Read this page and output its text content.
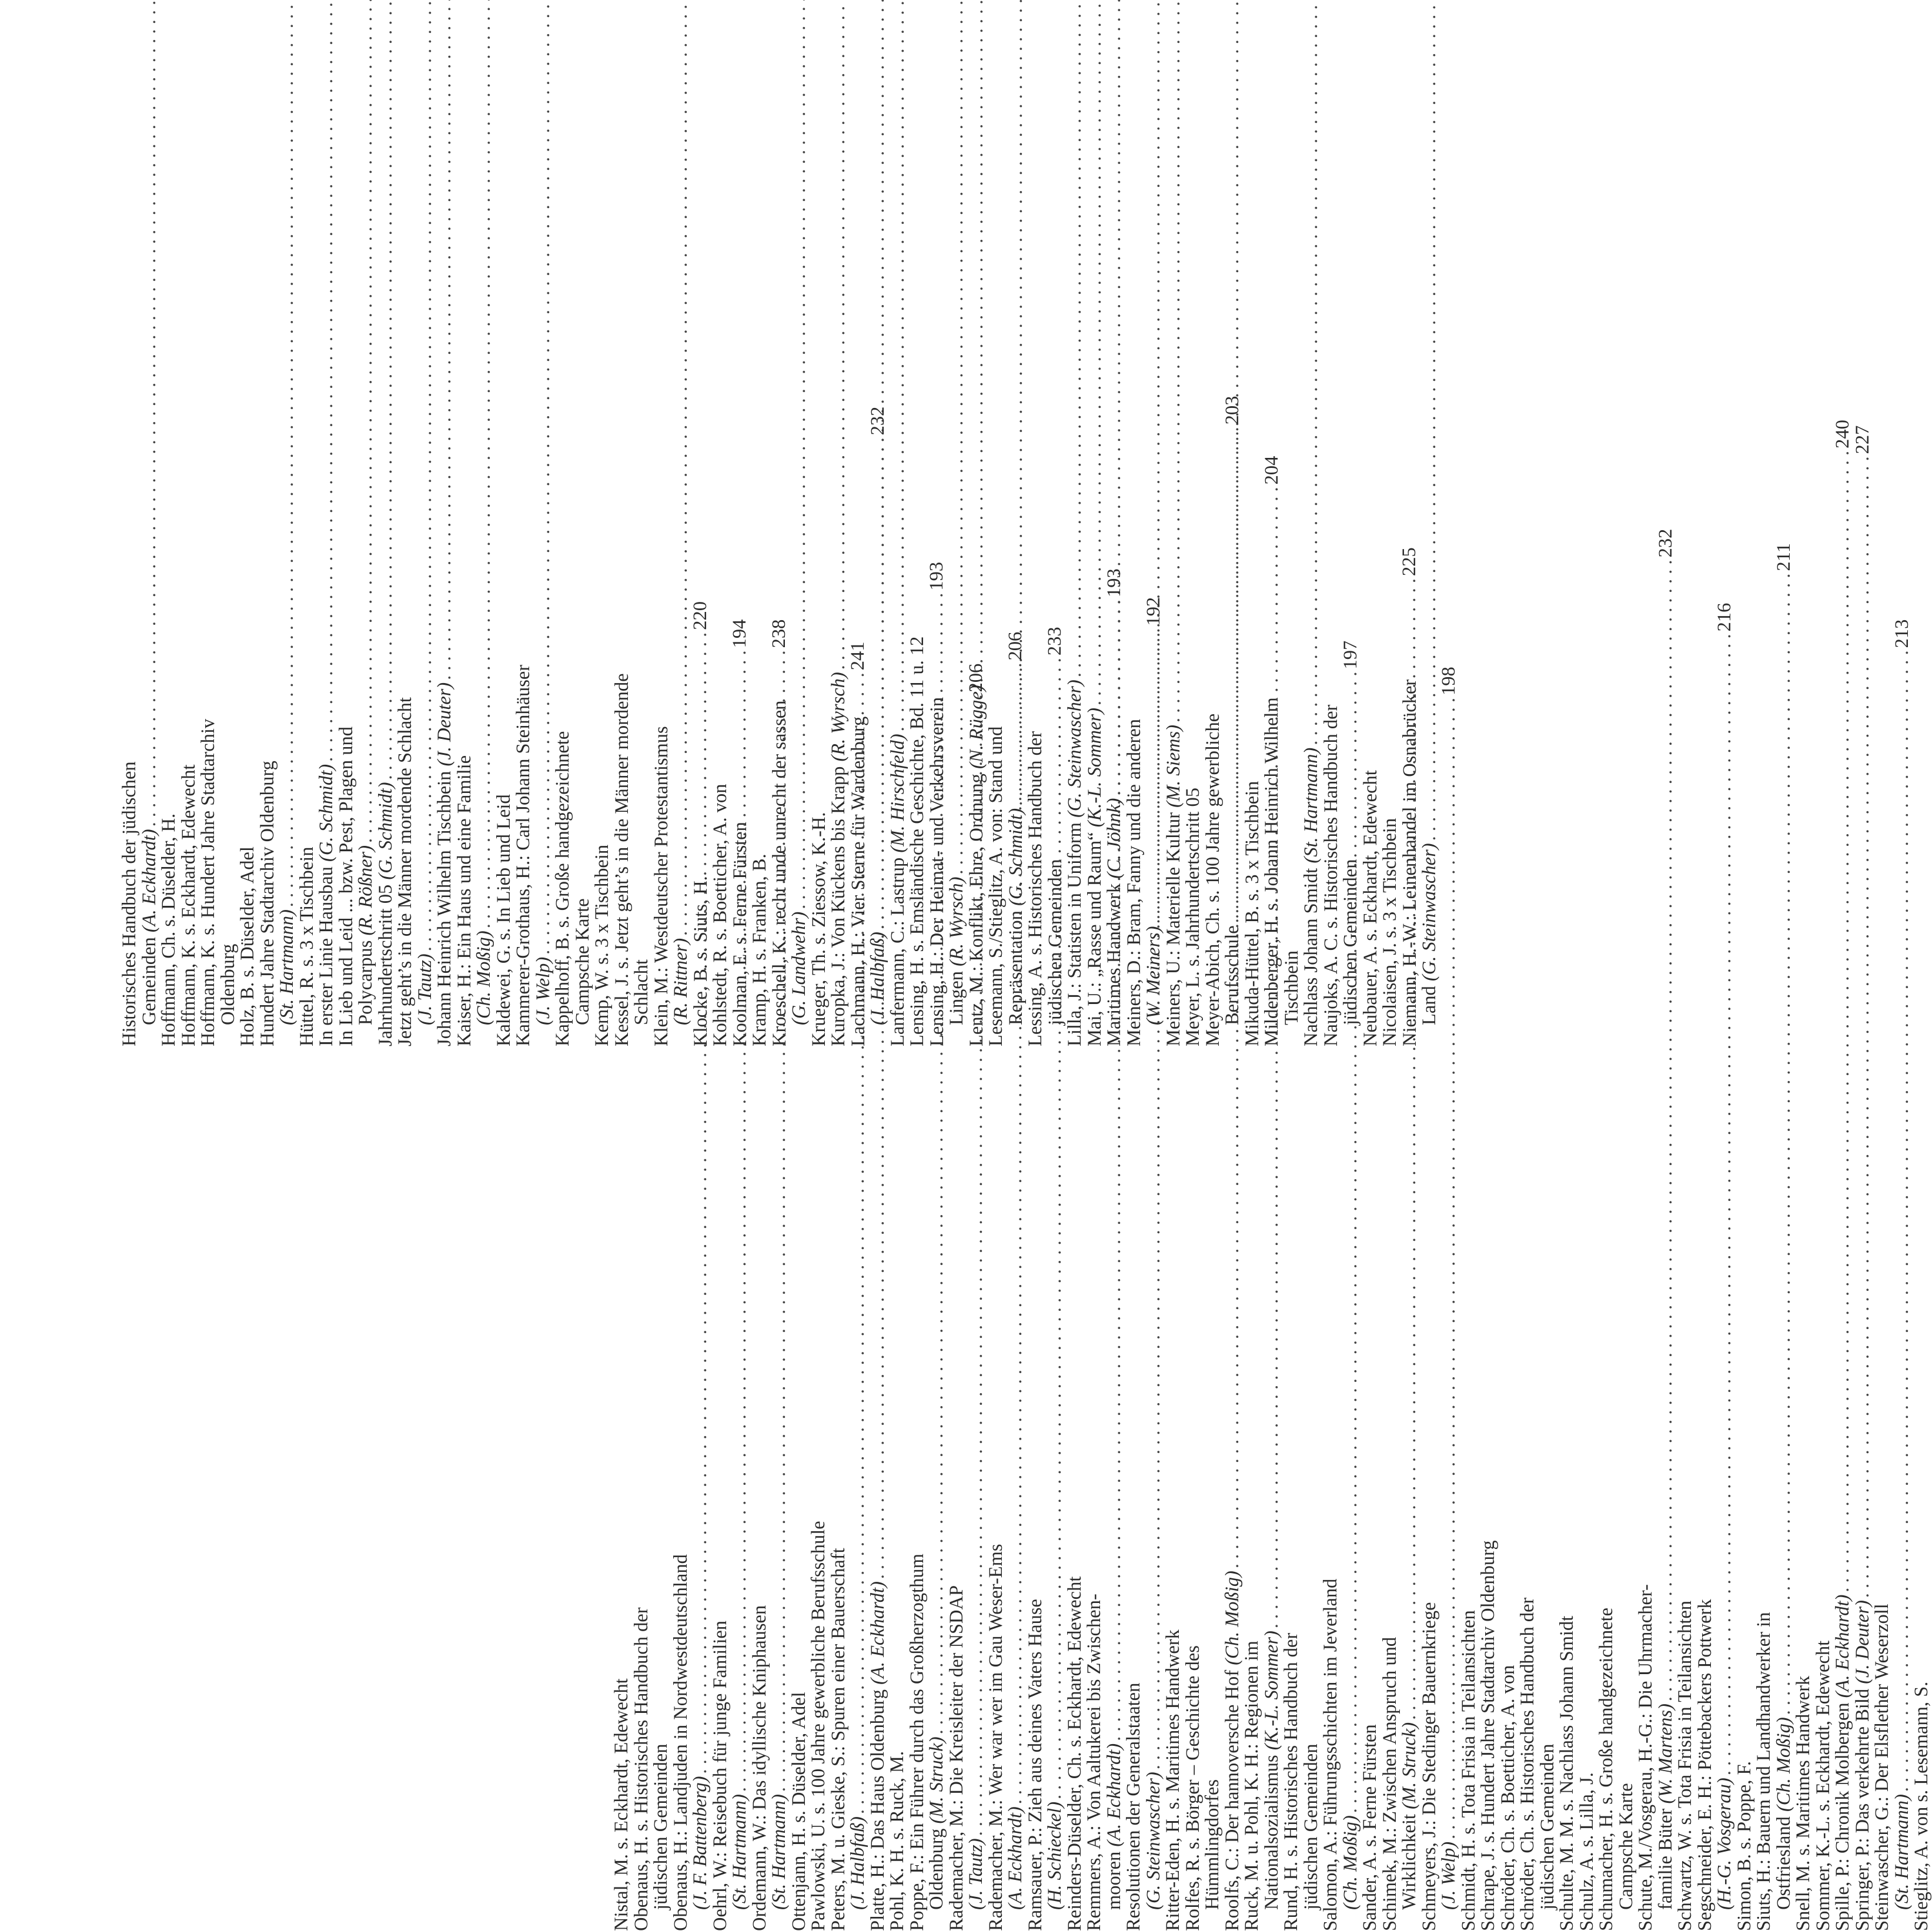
Historisches Handbuch der jüdischen
Gemeinden (A. Eckhardt)
. . .
Hoffmann, Ch. s. Düselder, H.
Hoffmann, K. s. Eckhardt, Edewecht
Hoffmann, K. s. Hundert Jahre Stadtarchiv
Oldenburg
Holz, B. s. Düselder, Adel
Hundert Jahre Stadtarchiv Oldenburg
(St. Hartmann)
. . .
Hüttel, R. s. 3 x Tischbein
In erster Linie Hausbau (G. Schmidt)
. . .
In Lieb und Leid ... bzw. Pest, Plagen und
Polycarpus (R. Rößner)
. . .
Jahrhundertschritt 05 (G. Schmidt)
. . .
Jetzt geht’s in die Männer mordende Schlacht
(J. Tautz)
. . .
Johann Heinrich Wilhelm Tischbein (J. Deuter)
. . .
Kaiser, H.: Ein Haus und eine Familie
(Ch. Moßig)
. . .
Kaldewei, G. s. In Lieb und Leid
Kammerer-Grothaus, H.: Carl Johann Steinhäuser
(J. Welp)
. . .
Kappelhoff, B. s. Große handgezeichnete
Campsche Karte
Kemp, W. s. 3 x Tischbein
Kessel, J. s. Jetzt geht’s in die Männer mordende
Schlacht
Klein, M.: Westdeutscher Protestantismus
(R. Rittner)
. . .
Klocke, B. s. Siuts, H.
Kohlstedt, R. s. Boetticher, A. von
Koolman, E. s. Ferne Fürsten
Kramp, H. s. Franken, B.
Kroeschell, K.: recht unde unrecht der sassen
(G. Landwehr)
. . .
Krueger, Th. s. Ziessow, K.-H.
Kuropka, J.: Von Kückens bis Krapp (R. Wyrsch)
. . .
Lachmann, H.: Vier Sterne für Wardenburg
(J. Halbfaß)
. . .
Lanfermann, C.: Lastrup (M. Hirschfeld)
. . .
Lensing, H. s. Emsländische Geschichte, Bd. 11 u. 12
Lensing, H.: Der Heimat- und Verkehrsverein
Lingen (R. Wyrsch)
. . .
Lentz, M.: Konflikt, Ehre, Ordnung (N. Rügge)
. . .
Lesemann, S./Stieglitz, A. von: Stand und
Repräsentation (G. Schmidt)
. . .
Lessing, A. s. Historisches Handbuch der
jüdischen Gemeinden
Lilla, J.: Statisten in Uniform (G. Steinwascher)
. . .
Mai, U.: „Rasse und Raum“ (K.-L. Sommer)
. . .
Maritimes Handwerk (C. Jöhnk)
. . .
Meiners, D.: Bram, Fanny und die anderen
(W. Meiners)
. . .
Meiners, U.: Materielle Kultur (M. Siems)
. . .
Meyer, L. s. Jahrhundertschritt 05
Meyer-Abich, Ch. s. 100 Jahre gewerbliche
Berufsschule
. . .
Mikuda-Hüttel, B. s. 3 x Tischbein
Mildenberger, H. s. Johann Heinrich Wilhelm
Tischbein
Nachlass Johann Smidt (St. Hartmann)
. . .
Naujoks, A. C. s. Historisches Handbuch der
jüdischen Gemeinden
Neubauer, A. s. Eckhardt, Edewecht
Nicolaisen, J. s. 3 x Tischbein
Niemann, H.-W.: Leinenhandel im Osnabrücker
Land (G. Steinwascher)
. . .
Nistal, M. s. Eckhardt, Edewecht
Obenaus, H. s. Historisches Handbuch der
jüdischen Gemeinden
Obenaus, H.: Landjuden in Nordwestdeutschland
(J. F. Battenberg)
. . .
220
Oehrl, W.: Reisebuch für junge Familien
(St. Hartmann)
. . .
194
Ordemann, W.: Das idyllische Kniphausen
(St. Hartmann)
. . .
238
Ottenjann, H. s. Düselder, Adel
Pawlowski, U. s. 100 Jahre gewerbliche Berufsschule
Peters, M. u. Gieske, S.: Spuren einer Bauerschaft
(J. Halbfaß)
. . .
241
Platte, H.: Das Haus Oldenburg (A. Eckhardt)
. . .
232
Pohl, K. H. s. Ruck, M.
Poppe, F.: Ein Führer durch das Großherzogthum
Oldenburg (M. Struck)
. . .
193
Rademacher, M.: Die Kreisleiter der NSDAP
(J. Tautz)
. . .
206
Rademacher, M.: Wer war wer im Gau Weser-Ems
(A. Eckhardt)
. . .
206
Ramsauer, P.: Zieh aus deines Vaters Hause
(H. Schieckel)
. . .
233
Reinders-Düselder, Ch. s. Eckhardt, Edewecht
Remmers, A.: Von Aaltukerei bis Zwischen-
mooren (A. Eckhardt)
. . .
193
Resolutionen der Generalstaaten
(G. Steinwascher)
. . .
192
Ritter-Eden, H. s. Maritimes Handwerk
Rolfes, R. s. Börger – Geschichte des
Hümmlingdorfes
Roolfs, C.: Der hannoversche Hof (Ch. Moßig)
. . .
203
Ruck, M. u. Pohl, K. H.: Regionen im
Nationalsozialismus (K.-L. Sommer)
. . .
204
Rund, H. s. Historisches Handbuch der
jüdischen Gemeinden
Salomon, A.: Führungsschichten im Jeverland
(Ch. Moßig)
. . .
197
Sander, A. s. Ferne Fürsten
Schimek, M.: Zwischen Anspruch und
Wirklichkeit (M. Struck)
. . .
225
Schmeyers, J.: Die Stedinger Bauernkriege
(J. Welp)
. . .
198
Schmidt, H. s. Tota Frisia in Teilansichten
Schrape, J. s. Hundert Jahre Stadtarchiv Oldenburg
Schröder, Ch. s. Boetticher, A. von
Schröder, Ch. s. Historisches Handbuch der
jüdischen Gemeinden
Schulte, M. M. s. Nachlass Johann Smidt
Schulz, A. s. Lilla, J.
Schumacher, H. s. Große handgezeichnete
Campsche Karte
Schute, M./Vosgerau, H.-G.: Die Uhrmacher-
familie Büter (W. Martens)
. . .
232
Schwartz, W. s. Tota Frisia in Teilansichten
Segschneider, E. H.: Pöttebackers Pottwerk
(H.-G. Vosgerau)
. . .
216
Simon, B. s. Poppe, F.
Siuts, H.: Bauern und Landhandwerker in
Ostfriesland (Ch. Moßig)
. . .
211
Snell, M. s. Maritimes Handwerk
Sommer, K.-L. s. Eckhardt, Edewecht
Spille, P.: Chronik Molbergen (A. Eckhardt)
. . .
240
Springer, P.: Das verkehrte Bild (J. Deuter)
. . .
227
Steinwascher, G.: Der Elsflether Weserzoll
(St. Hartmann)
. . .
213
Stieglitz, A. von s. Lesemann, S.
